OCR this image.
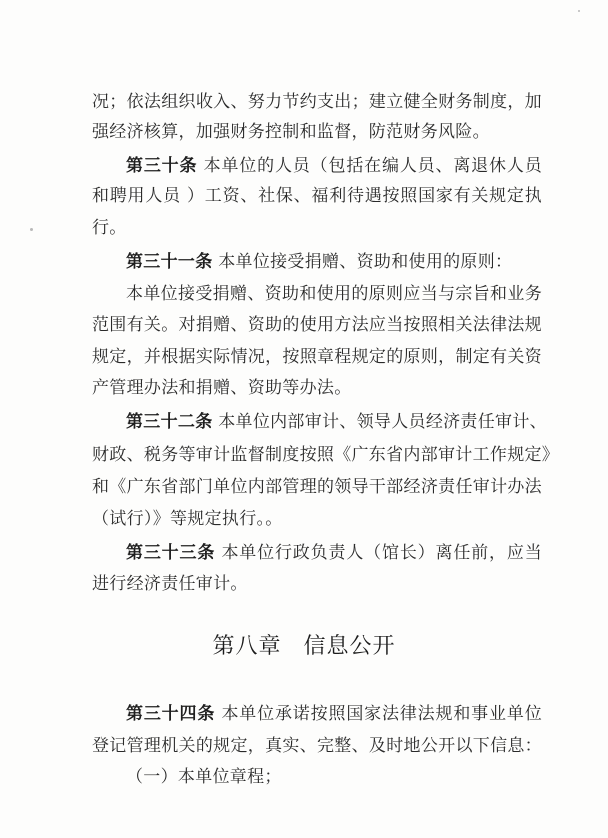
况；依法组织收入、努力节约支出；建立健全财务制度，加
强经济核算，加强财务控制和监督，防范财务风险。
第三十条 本单位的人员（包括在编人员、离退休人员
和聘用人员 ）工资、社保、福利待遇按照国家有关规定执
行。
第三十一条 本单位接受捐赠、资助和使用的原则：
本单位接受捐赠、资助和使用的原则应当与宗旨和业务
范围有关。对捐赠、资助的使用方法应当按照相关法律法规
规定，并根据实际情况，按照章程规定的原则，制定有关资
产管理办法和捐赠、资助等办法。
第三十二条 本单位内部审计、领导人员经济责任审计、
财政、税务等审计监督制度按照《广东省内部审计工作规定》
和《广东省部门单位内部管理的领导干部经济责任审计办法
（试行）》等规定执行。。
第三十三条 本单位行政负责人（馆长）离任前，应当
进行经济责任审计。
第八章 信息公开
第三十四条 本单位承诺按照国家法律法规和事业单位
登记管理机关的规定，真实、完整、及时地公开以下信息：
（一）本单位章程；
